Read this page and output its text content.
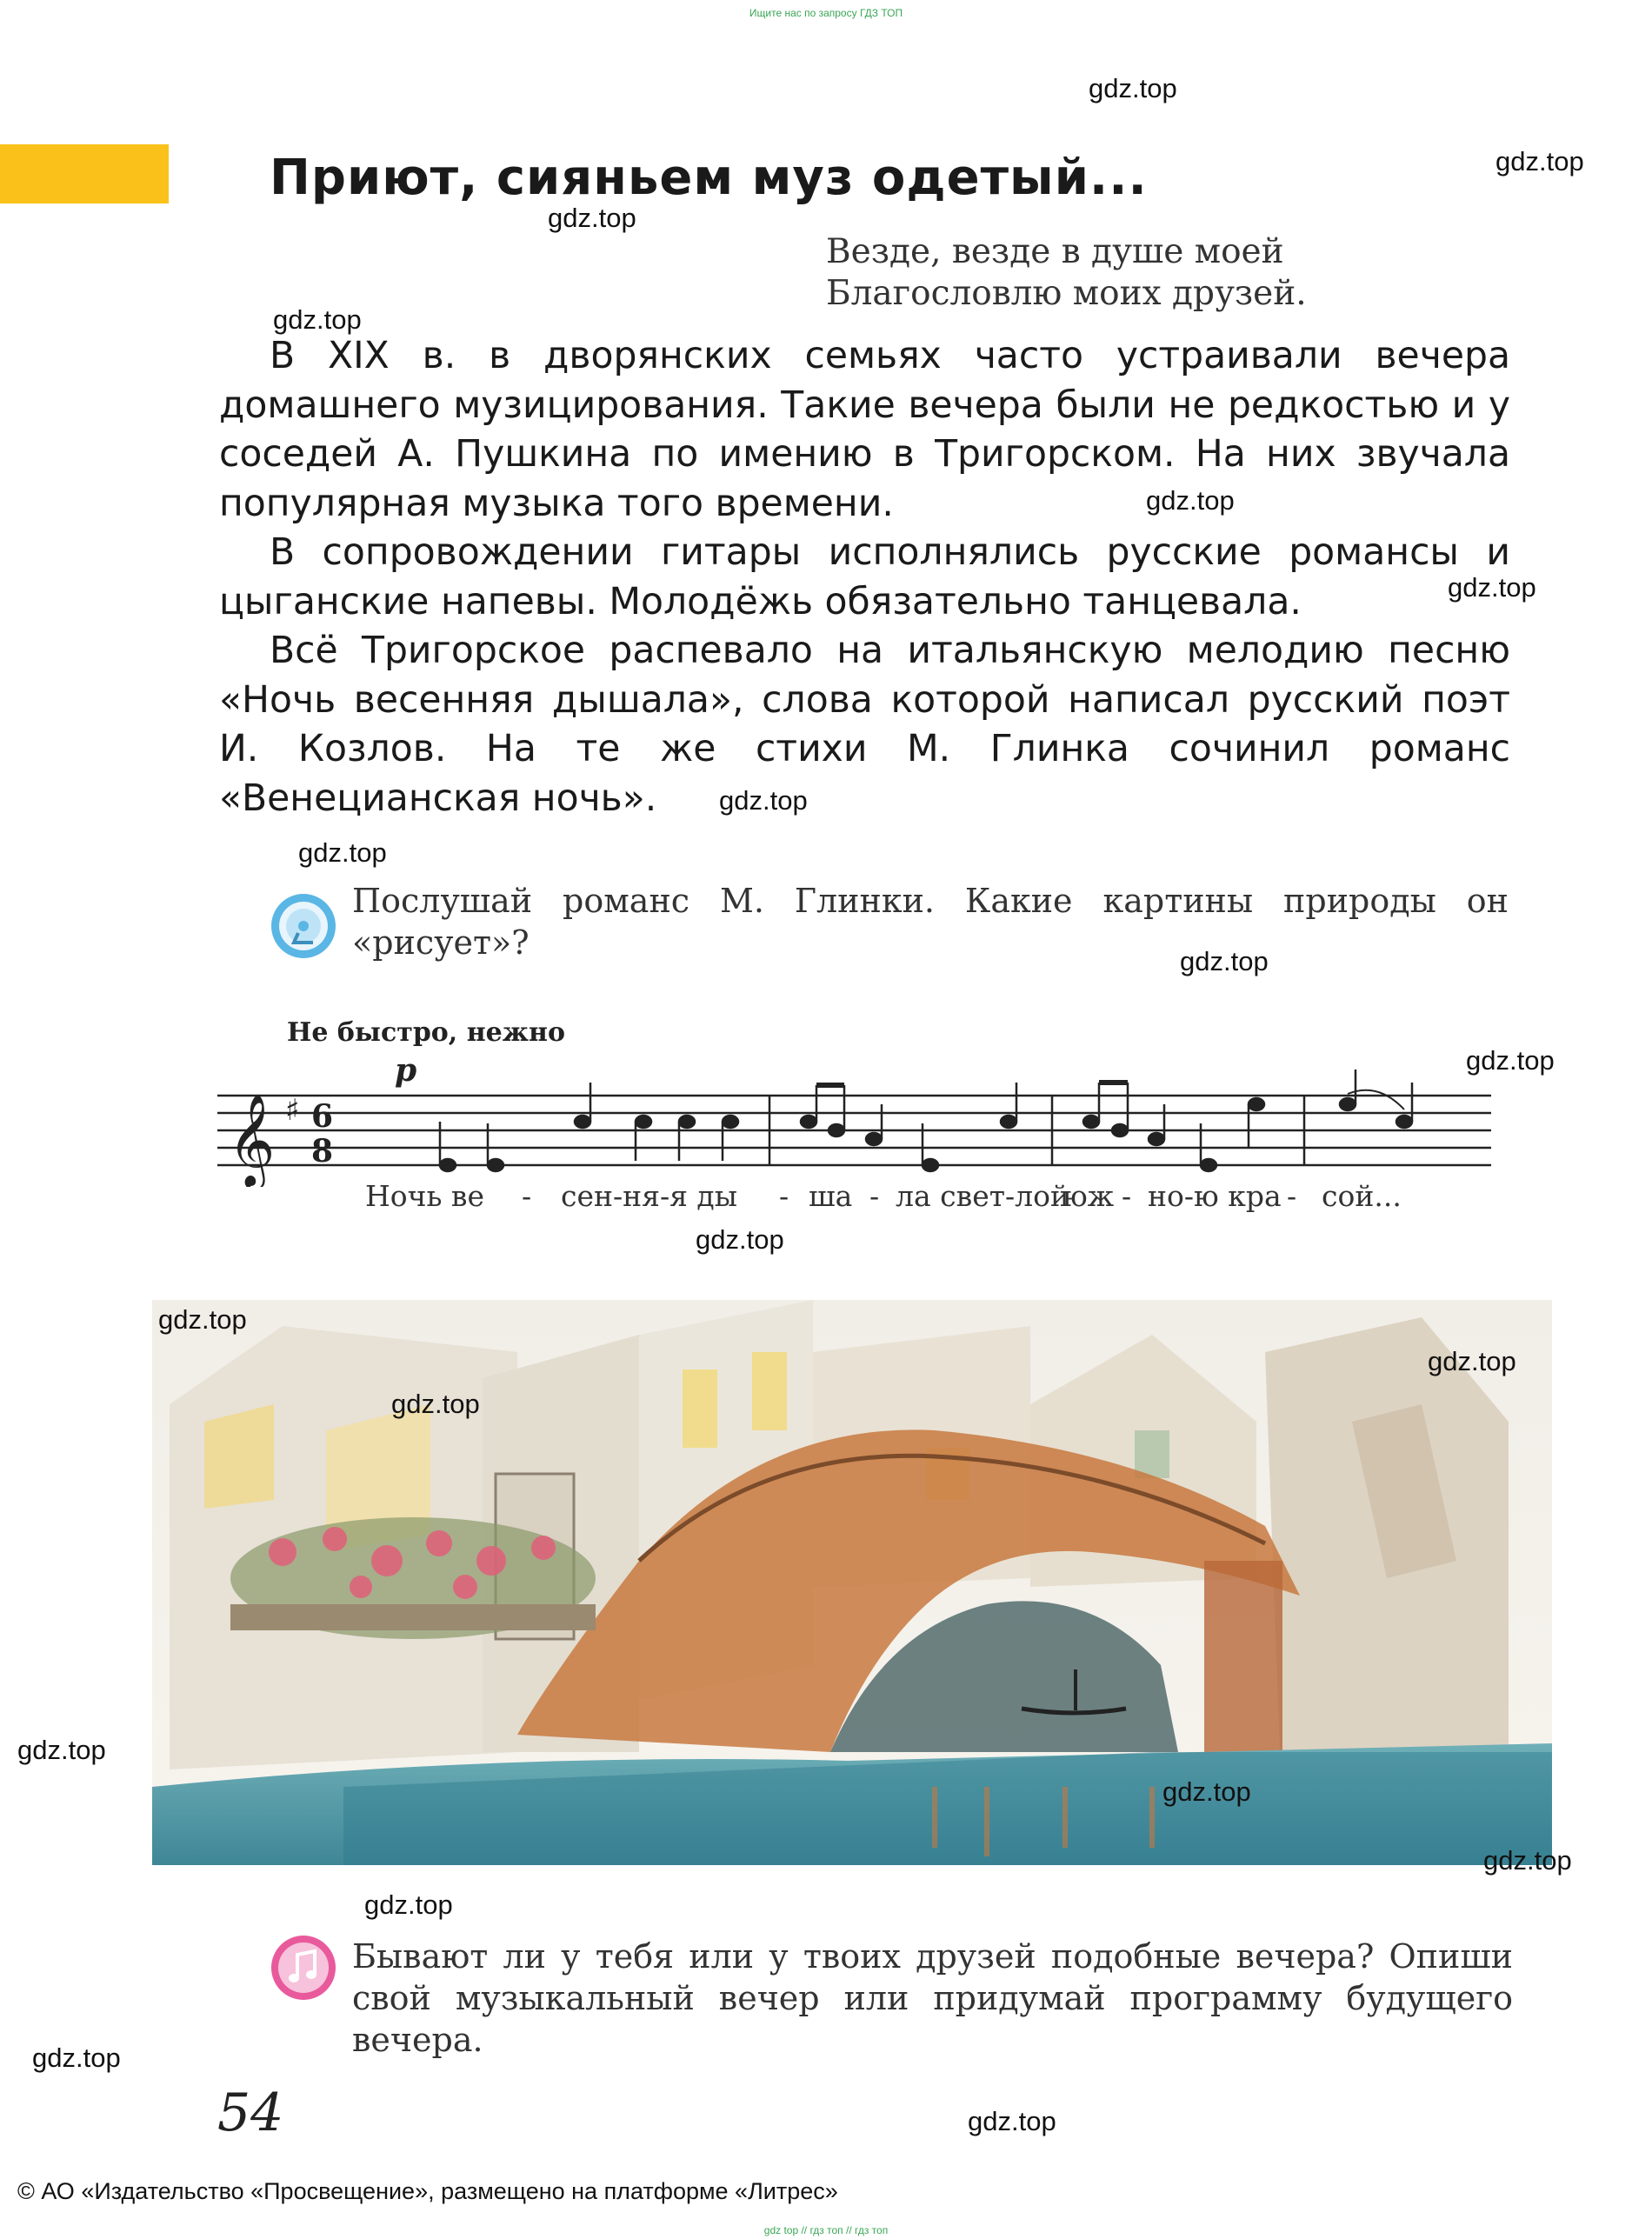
Ищите нас по запросу ГДЗ ТОП
Приют, сияньем муз одетый...
Везде, везде в душе моей
Благословлю моих друзей.

В XIX в. в дворянских семьях часто устраивали вечера домашнего музицирования. Такие вечера были не редкостью и у соседей А. Пушкина по имению в Тригорском. На них звучала популярная музыка того времени.

В сопровождении гитары исполнялись русские романсы и цыганские напевы. Молодёжь обязательно танцевала.

Всё Тригорское распевало на итальянскую мелодию песню «Ночь весенняя дышала», слова которой написал русский поэт И. Козлов. На те же стихи М. Глинка сочинил романс «Венецианская ночь».

Послушай романс М. Глинки. Какие картины природы он «рисует»?
Не быстро, нежно
p
𝄞 ♯ 6
8
Ночь ве - сен-ня-я ды - ша - ла свет-лой
юж - но-ю кра - сой...
Бывают ли у тебя или у твоих друзей подобные вечера? Опиши свой музыкальный вечер или придумай программу будущего вечера.
54
© АО «Издательство «Просвещение», размещено на платформе «Литрес»
gdz top // гдз топ // гдз топ
gdz.top
gdz.top
gdz.top
gdz.top
gdz.top
gdz.top
gdz.top
gdz.top
gdz.top
gdz.top
gdz.top
gdz.top
gdz.top
gdz.top
gdz.top
gdz.top
gdz.top
gdz.top
gdz.top
gdz.top
